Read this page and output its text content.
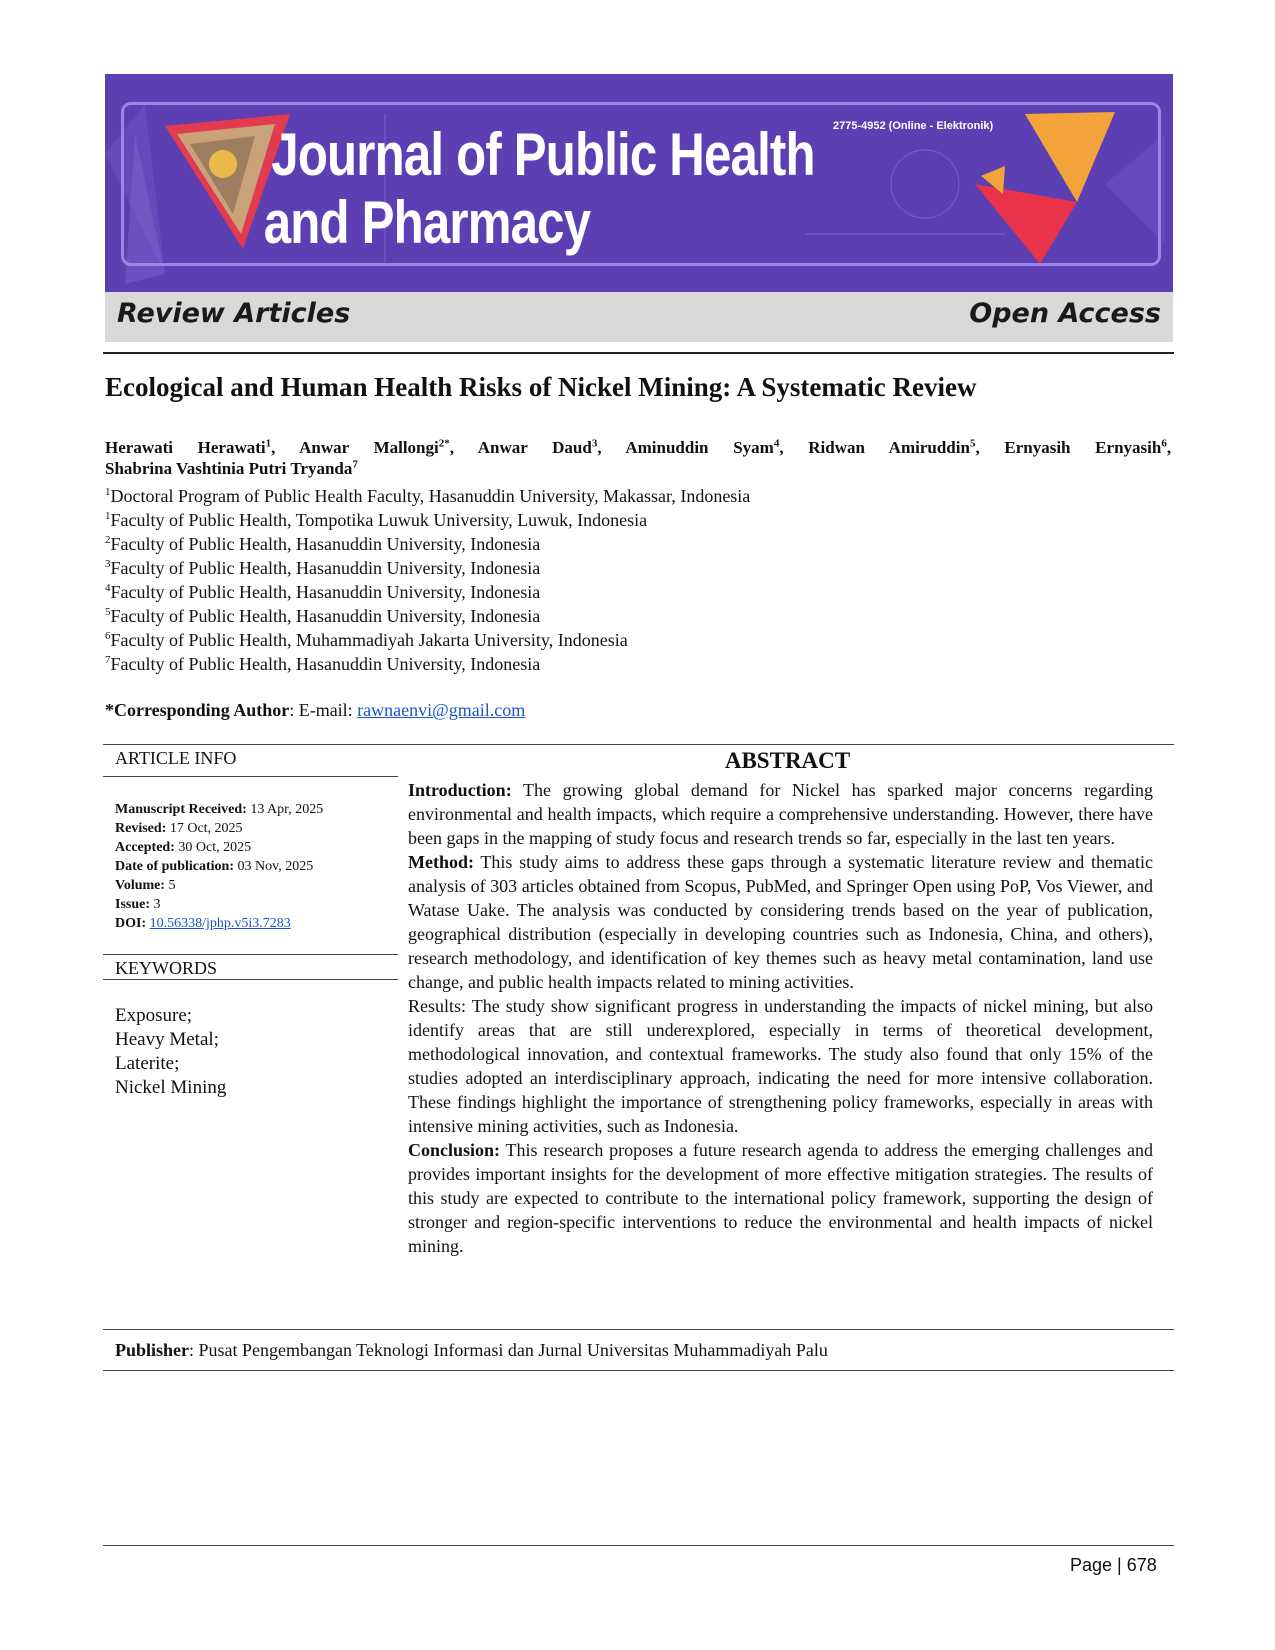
2775-4952 (Online - Elektronik)
Journal of Public Health
and Pharmacy
Review Articles	Open Access
Ecological and Human Health Risks of Nickel Mining: A Systematic Review
Herawati Herawati$^1$, Anwar Mallongi$^{2*}$, Anwar Daud$^3$, Aminuddin Syam$^4$, Ridwan Amiruddin$^5$, Ernyasih Ernyasih$^6$,
Shabrina Vashtinia Putri Tryanda$^7$
$^1$Doctoral Program of Public Health Faculty, Hasanuddin University, Makassar, Indonesia
$^1$Faculty of Public Health, Tompotika Luwuk University, Luwuk, Indonesia
$^2$Faculty of Public Health, Hasanuddin University, Indonesia
$^3$Faculty of Public Health, Hasanuddin University, Indonesia
$^4$Faculty of Public Health, Hasanuddin University, Indonesia
$^5$Faculty of Public Health, Hasanuddin University, Indonesia
$^6$Faculty of Public Health, Muhammadiyah Jakarta University, Indonesia
$^7$Faculty of Public Health, Hasanuddin University, Indonesia
*Corresponding Author: E-mail: rawnaenvi@gmail.com
ARTICLE INFO	ABSTRACT
Manuscript Received: 13 Apr, 2025
Revised: 17 Oct, 2025
Accepted: 30 Oct, 2025
Date of publication: 03 Nov, 2025
Volume: 5
Issue: 3
DOI: 10.56338/jphp.v5i3.7283
KEYWORDS
Exposure;
Heavy Metal;
Laterite;
Nickel Mining

Introduction: The growing global demand for Nickel has sparked major concerns regarding environmental and health impacts, which require a comprehensive understanding. However, there have been gaps in the mapping of study focus and research trends so far, especially in the last ten years.

Method: This study aims to address these gaps through a systematic literature review and thematic analysis of 303 articles obtained from Scopus, PubMed, and Springer Open using PoP, Vos Viewer, and Watase Uake. The analysis was conducted by considering trends based on the year of publication, geographical distribution (especially in developing countries such as Indonesia, China, and others), research methodology, and identification of key themes such as heavy metal contamination, land use change, and public health impacts related to mining activities.

Results: The study show significant progress in understanding the impacts of nickel mining, but also identify areas that are still underexplored, especially in terms of theoretical development, methodological innovation, and contextual frameworks. The study also found that only 15% of the studies adopted an interdisciplinary approach, indicating the need for more intensive collaboration. These findings highlight the importance of strengthening policy frameworks, especially in areas with intensive mining activities, such as Indonesia.

Conclusion: This research proposes a future research agenda to address the emerging challenges and provides important insights for the development of more effective mitigation strategies. The results of this study are expected to contribute to the international policy framework, supporting the design of stronger and region-specific interventions to reduce the environmental and health impacts of nickel mining.

Publisher: Pusat Pengembangan Teknologi Informasi dan Jurnal Universitas Muhammadiyah Palu
Page | 678
